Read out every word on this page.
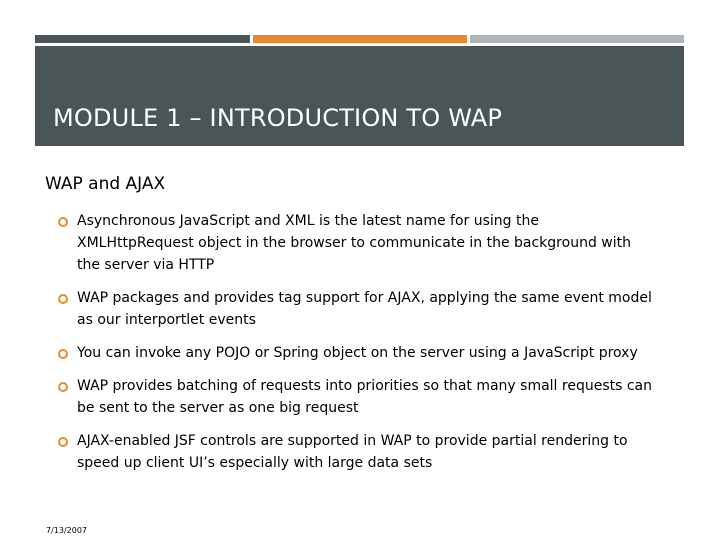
MODULE 1 – INTRODUCTION TO WAP
WAP and AJAX
Asynchronous JavaScript and XML is the latest name for using the XMLHttpRequest object in the browser to communicate in the background with the server via HTTP
WAP packages and provides tag support for AJAX, applying the same event model as our interportlet events
You can invoke any POJO or Spring object on the server using a JavaScript proxy
WAP provides batching of requests into priorities so that many small requests can be sent to the server as one big request
AJAX-enabled JSF controls are supported in WAP to provide partial rendering to speed up client UI’s especially with large data sets
7/13/2007
